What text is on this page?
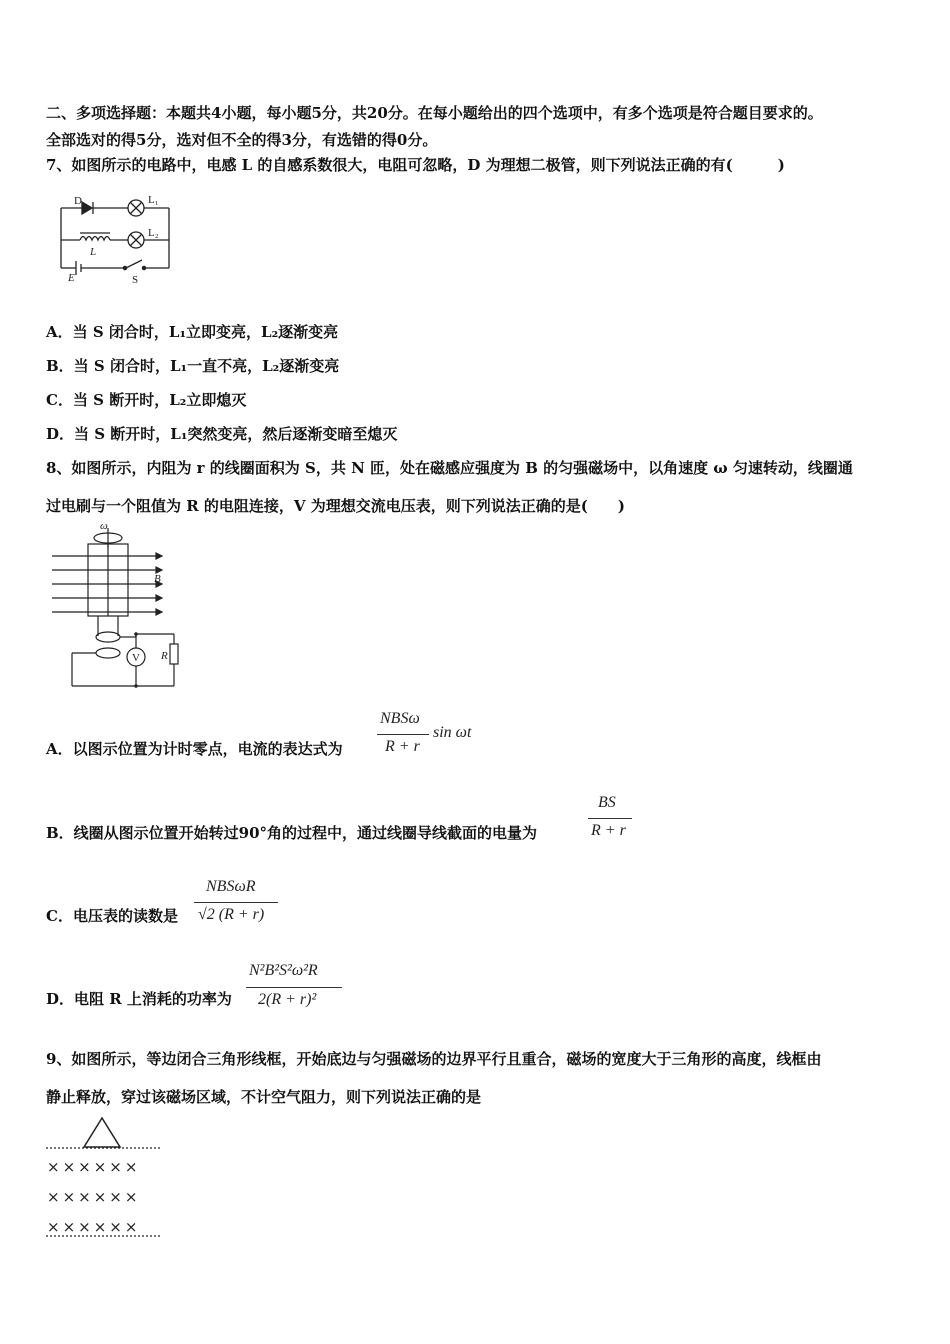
二、多项选择题：本题共4小题，每小题5分，共20分。在每小题给出的四个选项中，有多个选项是符合题目要求的。
全部选对的得5分，选对但不全的得3分，有选错的得0分。
7、如图所示的电路中，电感 L 的自感系数很大，电阻可忽略，D 为理想二极管，则下列说法正确的有(　　　)
D	L₁
L₂
L
E	S
A．当 S 闭合时，L₁立即变亮，L₂逐渐变亮
B．当 S 闭合时，L₁一直不亮，L₂逐渐变亮
C．当 S 断开时，L₂立即熄灭
D．当 S 断开时，L₁突然变亮，然后逐渐变暗至熄灭
8、如图所示，内阻为 r 的线圈面积为 S，共 N 匝，处在磁感应强度为 B 的匀强磁场中，以角速度 ω 匀速转动，线圈通
过电刷与一个阻值为 R 的电阻连接，V 为理想交流电压表，则下列说法正确的是(　　)
ω
B
V R
A．以图示位置为计时零点，电流的表达式为
NBSω
R + r
sin ωt
B．线圈从图示位置开始转过90°角的过程中，通过线圈导线截面的电量为
BS
R + r
C．电压表的读数是
NBSωR
√2 (R + r)
D．电阻 R 上消耗的功率为
N²B²S²ω²R
2(R + r)²
9、如图所示，等边闭合三角形线框，开始底边与匀强磁场的边界平行且重合，磁场的宽度大于三角形的高度，线框由
静止释放，穿过该磁场区域，不计空气阻力，则下列说法正确的是
××××××
××××××
××××××
